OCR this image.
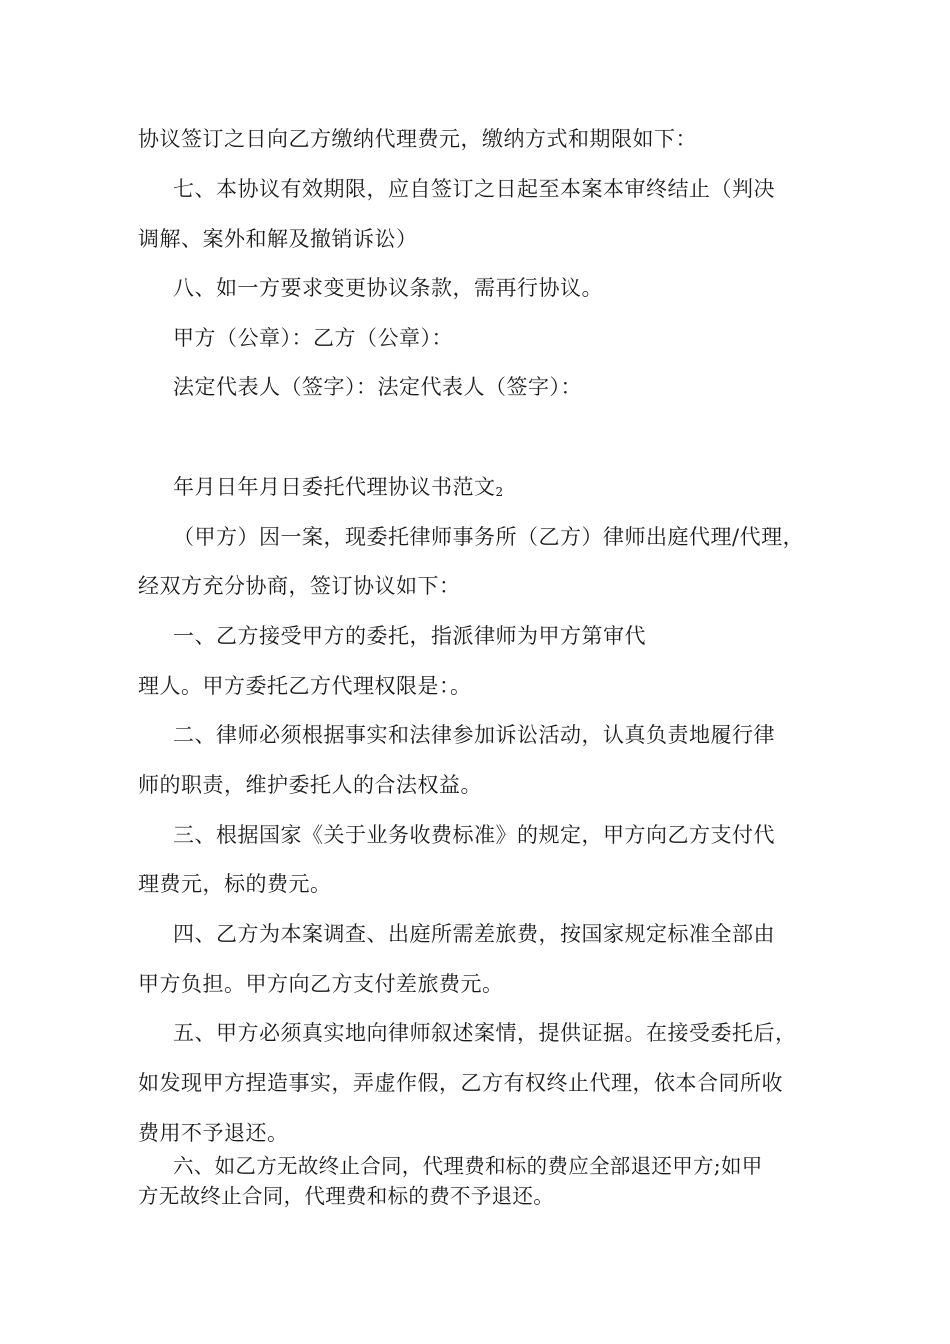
协议签订之日向乙方缴纳代理费元，缴纳方式和期限如下：
七、本协议有效期限，应自签订之日起至本案本审终结止（判决
调解、案外和解及撤销诉讼）
八、如一方要求变更协议条款，需再行协议。
甲方（公章）：乙方（公章）：
法定代表人（签字）：法定代表人（签字）：
年月日年月日委托代理协议书范文2
（甲方）因一案，现委托律师事务所（乙方）律师出庭代理/代理，
经双方充分协商，签订协议如下：
一、乙方接受甲方的委托，指派律师为甲方第审代
理人。甲方委托乙方代理权限是：。
二、律师必须根据事实和法律参加诉讼活动，认真负责地履行律
师的职责，维护委托人的合法权益。
三、根据国家《关于业务收费标准》的规定，甲方向乙方支付代
理费元，标的费元。
四、乙方为本案调查、出庭所需差旅费，按国家规定标准全部由
甲方负担。甲方向乙方支付差旅费元。
五、甲方必须真实地向律师叙述案情，提供证据。在接受委托后，
如发现甲方捏造事实，弄虚作假，乙方有权终止代理，依本合同所收
费用不予退还。
六、如乙方无故终止合同，代理费和标的费应全部退还甲方;如甲
方无故终止合同，代理费和标的费不予退还。
